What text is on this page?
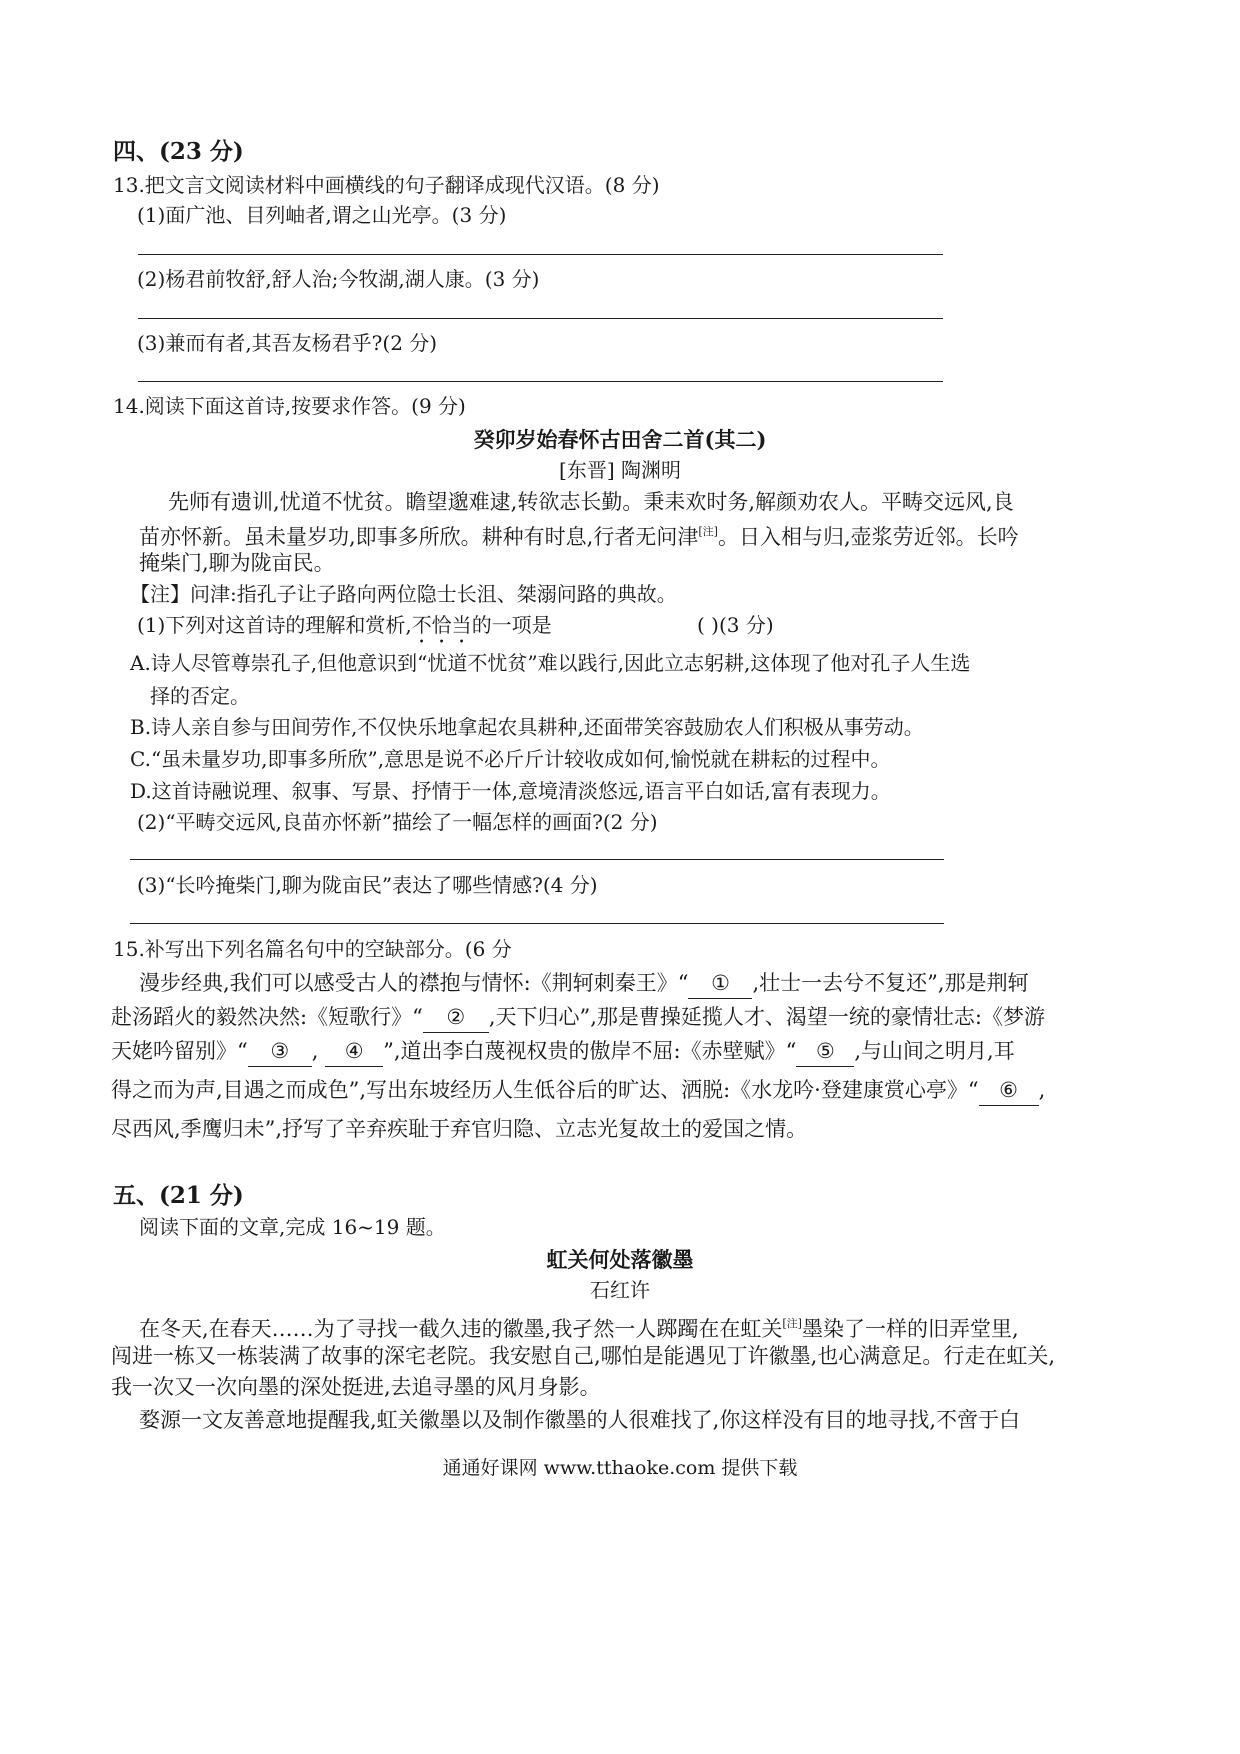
四、(23 分)
13.把文言文阅读材料中画横线的句子翻译成现代汉语。(8 分)
(1)面广池、目列岫者,谓之山光亭。(3 分)
(2)杨君前牧舒,舒人治;今牧湖,湖人康。(3 分)
(3)兼而有者,其吾友杨君乎?(2 分)
14.阅读下面这首诗,按要求作答。(9 分)
癸卯岁始春怀古田舍二首(其二)
[东晋] 陶渊明
先师有遗训,忧道不忧贫。瞻望邈难逮,转欲志长勤。秉耒欢时务,解颜劝农人。平畴交远风,良
苗亦怀新。虽未量岁功,即事多所欣。耕种有时息,行者无问津[注]。日入相与归,壶浆劳近邻。长吟
掩柴门,聊为陇亩民。
【注】问津:指孔子让子路向两位隐士长沮、桀溺问路的典故。
(1)下列对这首诗的理解和赏析,不恰当的一项是	( )(3 分)
A.诗人尽管尊崇孔子,但他意识到“忧道不忧贫”难以践行,因此立志躬耕,这体现了他对孔子人生选
择的否定。
B.诗人亲自参与田间劳作,不仅快乐地拿起农具耕种,还面带笑容鼓励农人们积极从事劳动。
C.“虽未量岁功,即事多所欣”,意思是说不必斤斤计较收成如何,愉悦就在耕耘的过程中。
D.这首诗融说理、叙事、写景、抒情于一体,意境清淡悠远,语言平白如话,富有表现力。
(2)“平畴交远风,良苗亦怀新”描绘了一幅怎样的画面?(2 分)
(3)“长吟掩柴门,聊为陇亩民”表达了哪些情感?(4 分)
15.补写出下列名篇名句中的空缺部分。(6 分
漫步经典,我们可以感受古人的襟抱与情怀:《荆轲刺秦王》“ ① ,壮士一去兮不复还”,那是荆轲
赴汤蹈火的毅然决然:《短歌行》“ ② ,天下归心”,那是曹操延揽人才、渴望一统的豪情壮志:《梦游
天姥吟留别》“ ③ , ④ ”,道出李白蔑视权贵的傲岸不屈:《赤壁赋》“ ⑤ ,与山间之明月,耳
得之而为声,目遇之而成色”,写出东坡经历人生低谷后的旷达、洒脱:《水龙吟·登建康赏心亭》“ ⑥ ,
尽西风,季鹰归未”,抒写了辛弃疾耻于弃官归隐、立志光复故土的爱国之情。
五、(21 分)
阅读下面的文章,完成 16~19 题。
虹关何处落徽墨
石红许
在冬天,在春天……为了寻找一截久违的徽墨,我孑然一人踯躅在在虹关[注]墨染了一样的旧弄堂里,
闯进一栋又一栋装满了故事的深宅老院。我安慰自己,哪怕是能遇见丁许徽墨,也心满意足。行走在虹关,
我一次又一次向墨的深处挺进,去追寻墨的风月身影。
婺源一文友善意地提醒我,虹关徽墨以及制作徽墨的人很难找了,你这样没有目的地寻找,不啻于白
通通好课网 www.tthaoke.com 提供下载
